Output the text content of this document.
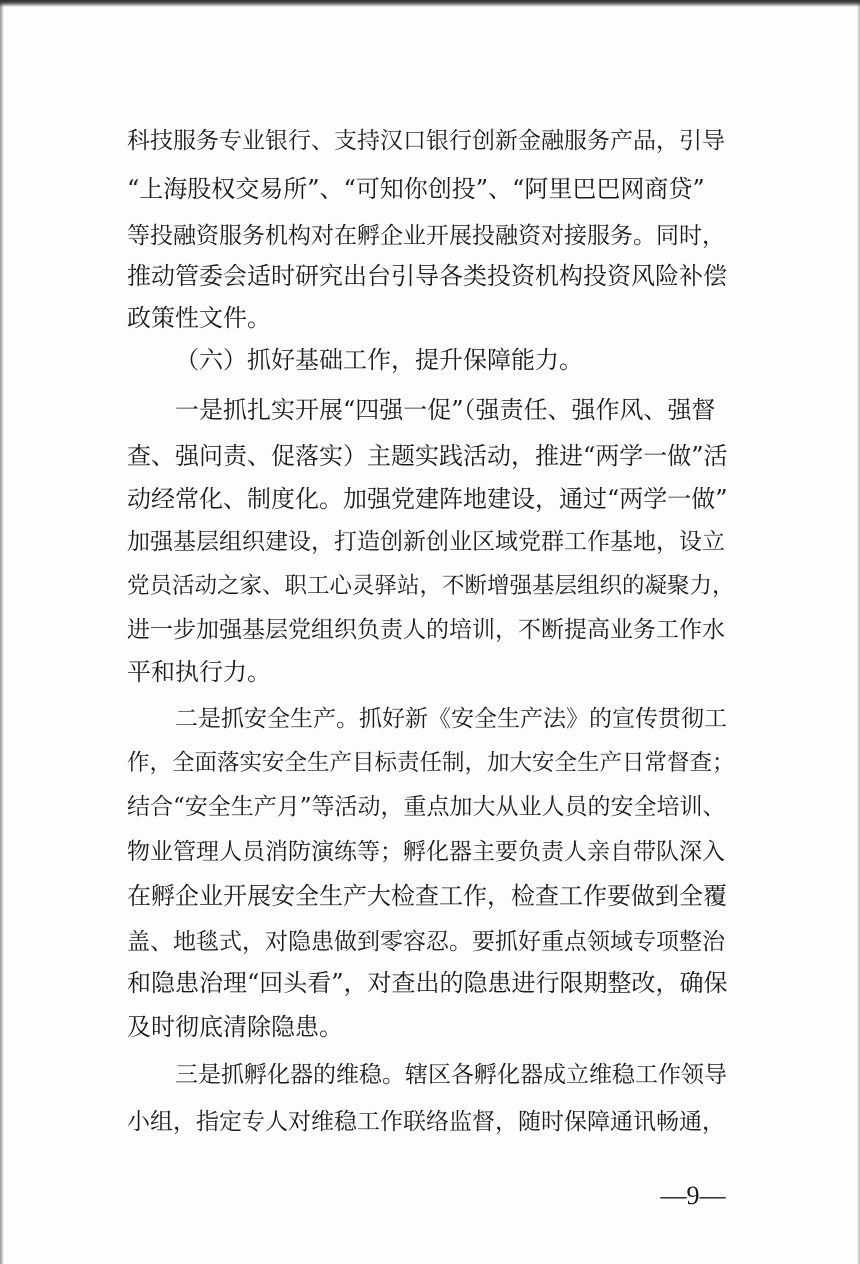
科技服务专业银行、支持汉口银行创新金融服务产品，引导

“上海股权交易所”、“可知你创投”、“阿里巴巴网商贷”

等投融资服务机构对在孵企业开展投融资对接服务。同时，

推动管委会适时研究出台引导各类投资机构投资风险补偿

政策性文件。

（六）抓好基础工作，提升保障能力。

一是抓扎实开展“四强一促”（强责任、强作风、强督

查、强问责、促落实）主题实践活动，推进“两学一做”活

动经常化、制度化。加强党建阵地建设，通过“两学一做”

加强基层组织建设，打造创新创业区域党群工作基地，设立

党员活动之家、职工心灵驿站，不断增强基层组织的凝聚力，

进一步加强基层党组织负责人的培训，不断提高业务工作水

平和执行力。

二是抓安全生产。抓好新《安全生产法》的宣传贯彻工

作，全面落实安全生产目标责任制，加大安全生产日常督查；

结合“安全生产月”等活动，重点加大从业人员的安全培训、

物业管理人员消防演练等；孵化器主要负责人亲自带队深入

在孵企业开展安全生产大检查工作，检查工作要做到全覆

盖、地毯式，对隐患做到零容忍。要抓好重点领域专项整治

和隐患治理“回头看”，对查出的隐患进行限期整改，确保

及时彻底清除隐患。

三是抓孵化器的维稳。辖区各孵化器成立维稳工作领导

小组，指定专人对维稳工作联络监督，随时保障通讯畅通，

—9—
